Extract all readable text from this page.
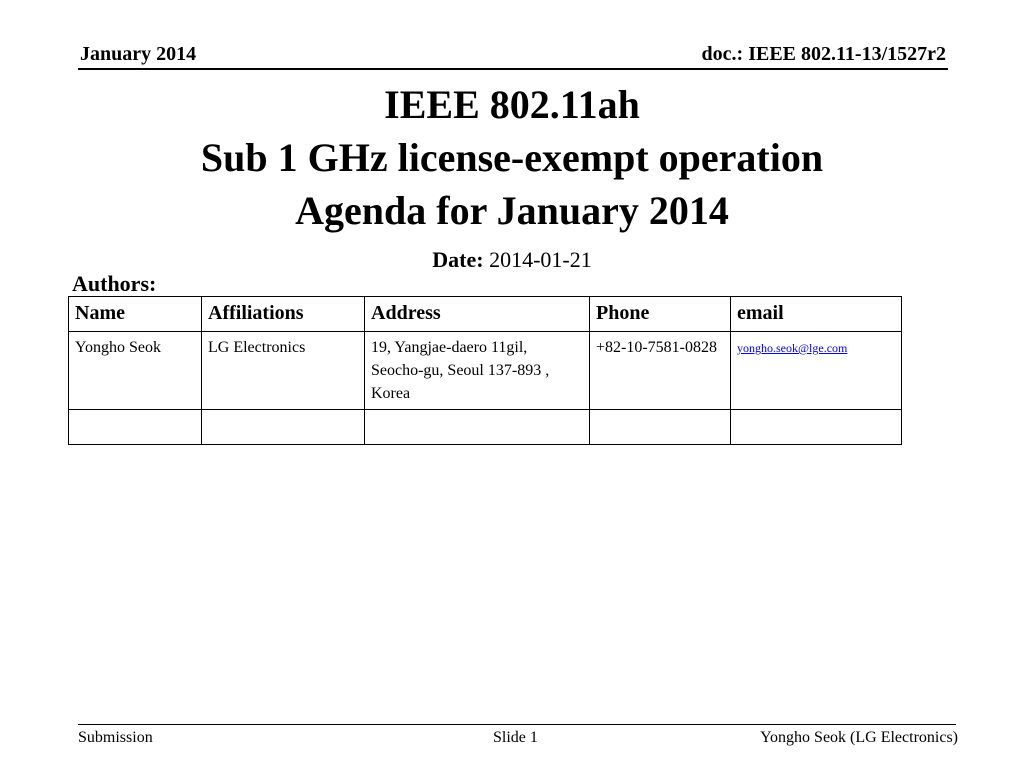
January 2014	doc.: IEEE 802.11-13/1527r2
IEEE 802.11ah
Sub 1 GHz license-exempt operation
Agenda for January 2014
Date: 2014-01-21
Authors:
Name	Affiliations	Address	Phone	email
Yongho Seok	LG Electronics	19, Yangjae-daero 11gil, Seocho-gu, Seoul 137-893 , Korea	+82-10-7581-0828	yongho.seok@lge.com

Submission	Slide 1	Yongho Seok (LG Electronics)
